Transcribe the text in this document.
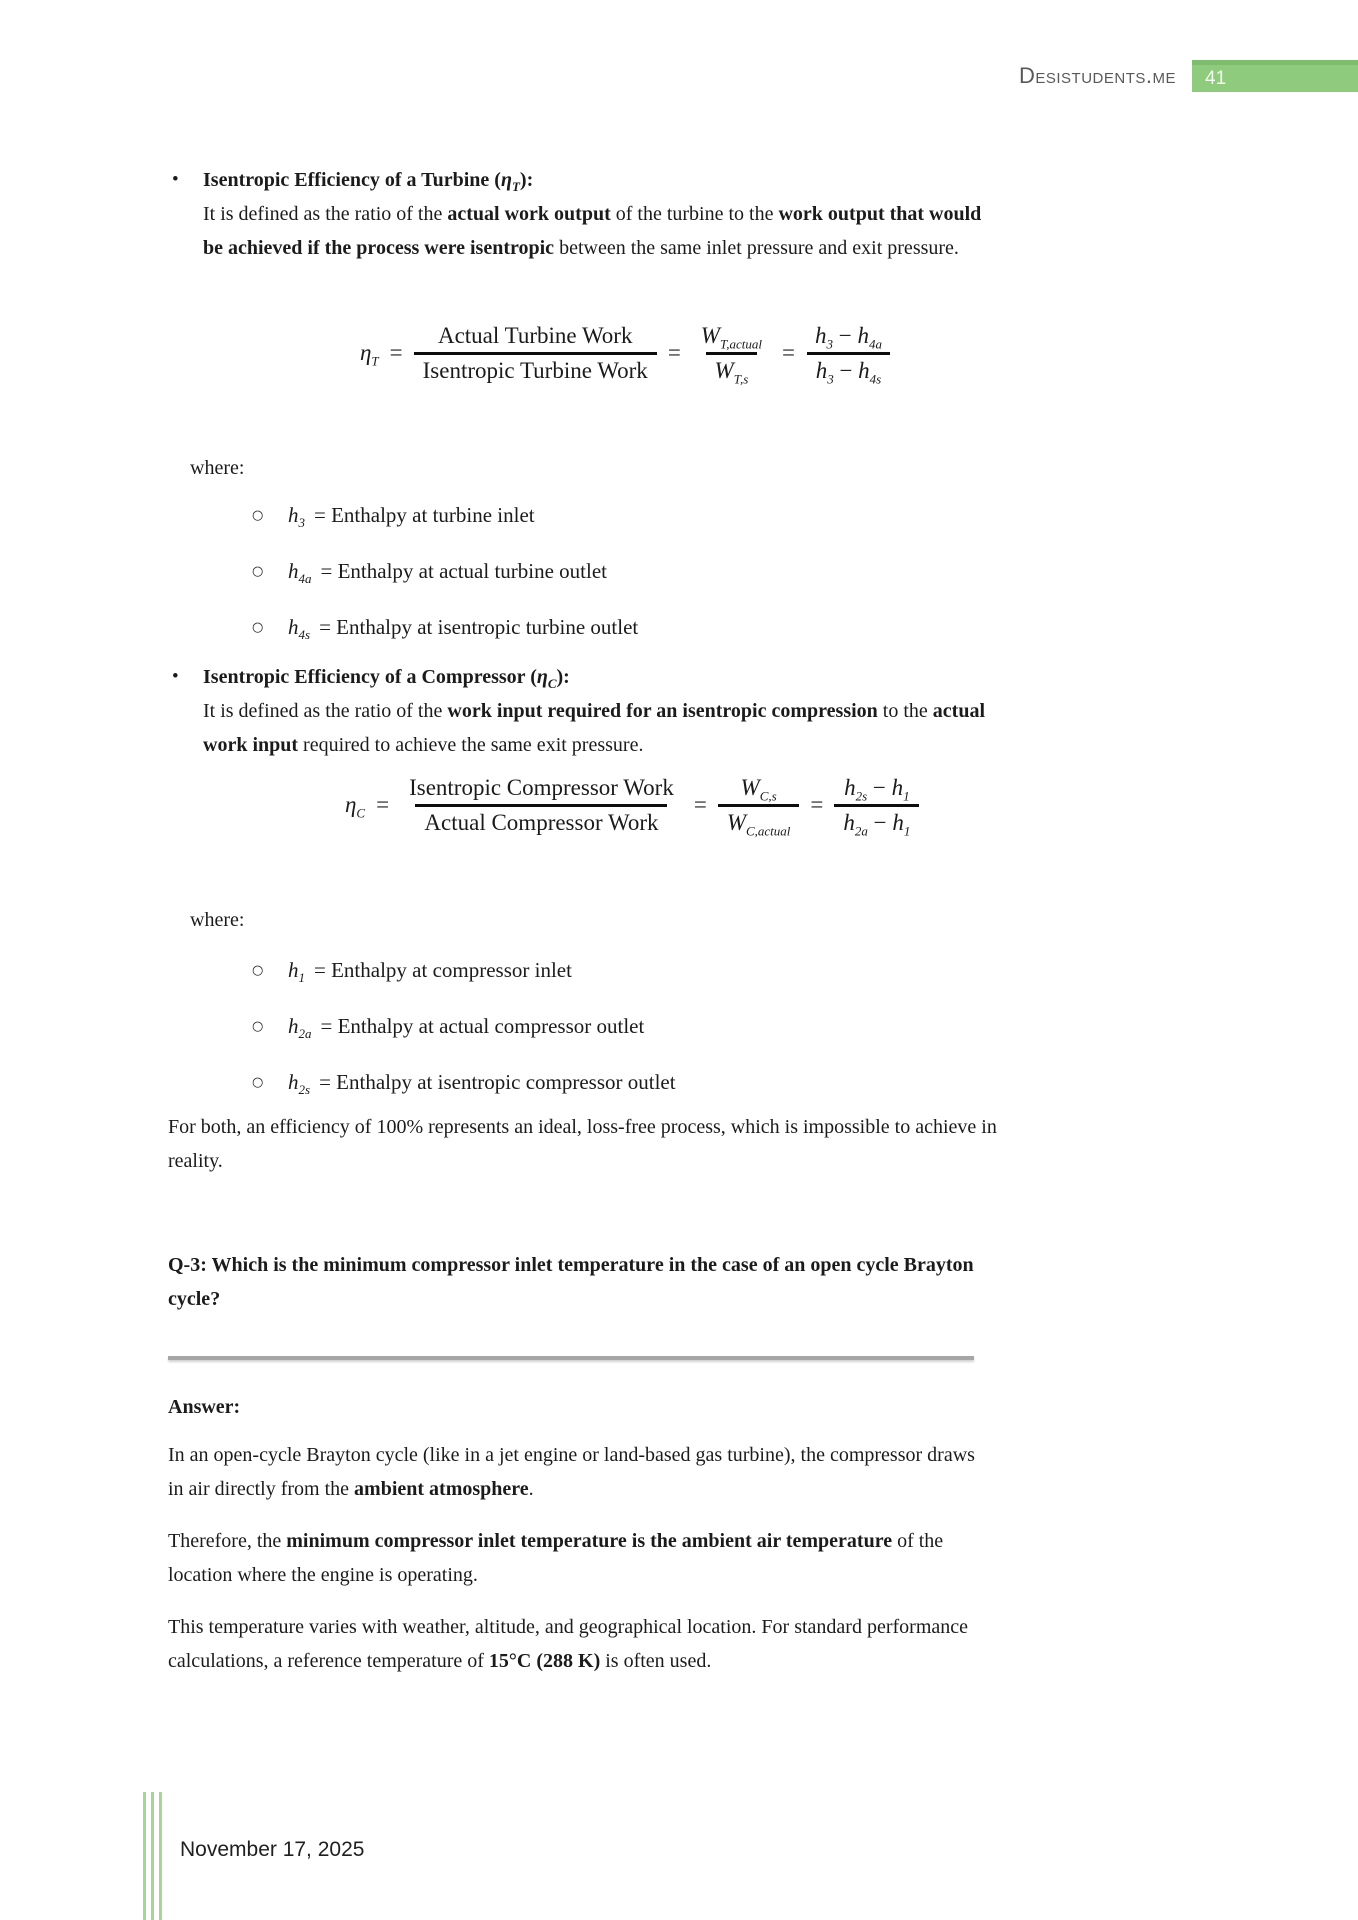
Desistudents.me	41
•	Isentropic Efficiency of a Turbine $(\eta_T)$:
It is defined as the ratio of the actual work output of the turbine to the work output that would be achieved if the process were isentropic between the same inlet pressure and exit pressure.
$\eta_T = \frac{\text{Actual Turbine Work}}{\text{Isentropic Turbine Work}} = \frac{W_{T,actual}}{W_{T,s}} = \frac{h_3 - h_{4a}}{h_3 - h_{4s}}$
where:
○	$h_3$ = Enthalpy at turbine inlet
○	$h_{4a}$ = Enthalpy at actual turbine outlet
○	$h_{4s}$ = Enthalpy at isentropic turbine outlet
•	Isentropic Efficiency of a Compressor $(\eta_C)$:
It is defined as the ratio of the work input required for an isentropic compression to the actual work input required to achieve the same exit pressure.
$\eta_C = \frac{\text{Isentropic Compressor Work}}{\text{Actual Compressor Work}} = \frac{W_{C,s}}{W_{C,actual}} = \frac{h_{2s} - h_1}{h_{2a} - h_1}$
where:
○	$h_1$ = Enthalpy at compressor inlet
○	$h_{2a}$ = Enthalpy at actual compressor outlet
○	$h_{2s}$ = Enthalpy at isentropic compressor outlet
For both, an efficiency of 100% represents an ideal, loss-free process, which is impossible to achieve in reality.
Q-3: Which is the minimum compressor inlet temperature in the case of an open cycle Brayton cycle?
Answer:
In an open-cycle Brayton cycle (like in a jet engine or land-based gas turbine), the compressor draws in air directly from the ambient atmosphere.
Therefore, the minimum compressor inlet temperature is the ambient air temperature of the location where the engine is operating.
This temperature varies with weather, altitude, and geographical location. For standard performance calculations, a reference temperature of 15°C (288 K) is often used.
November 17, 2025
